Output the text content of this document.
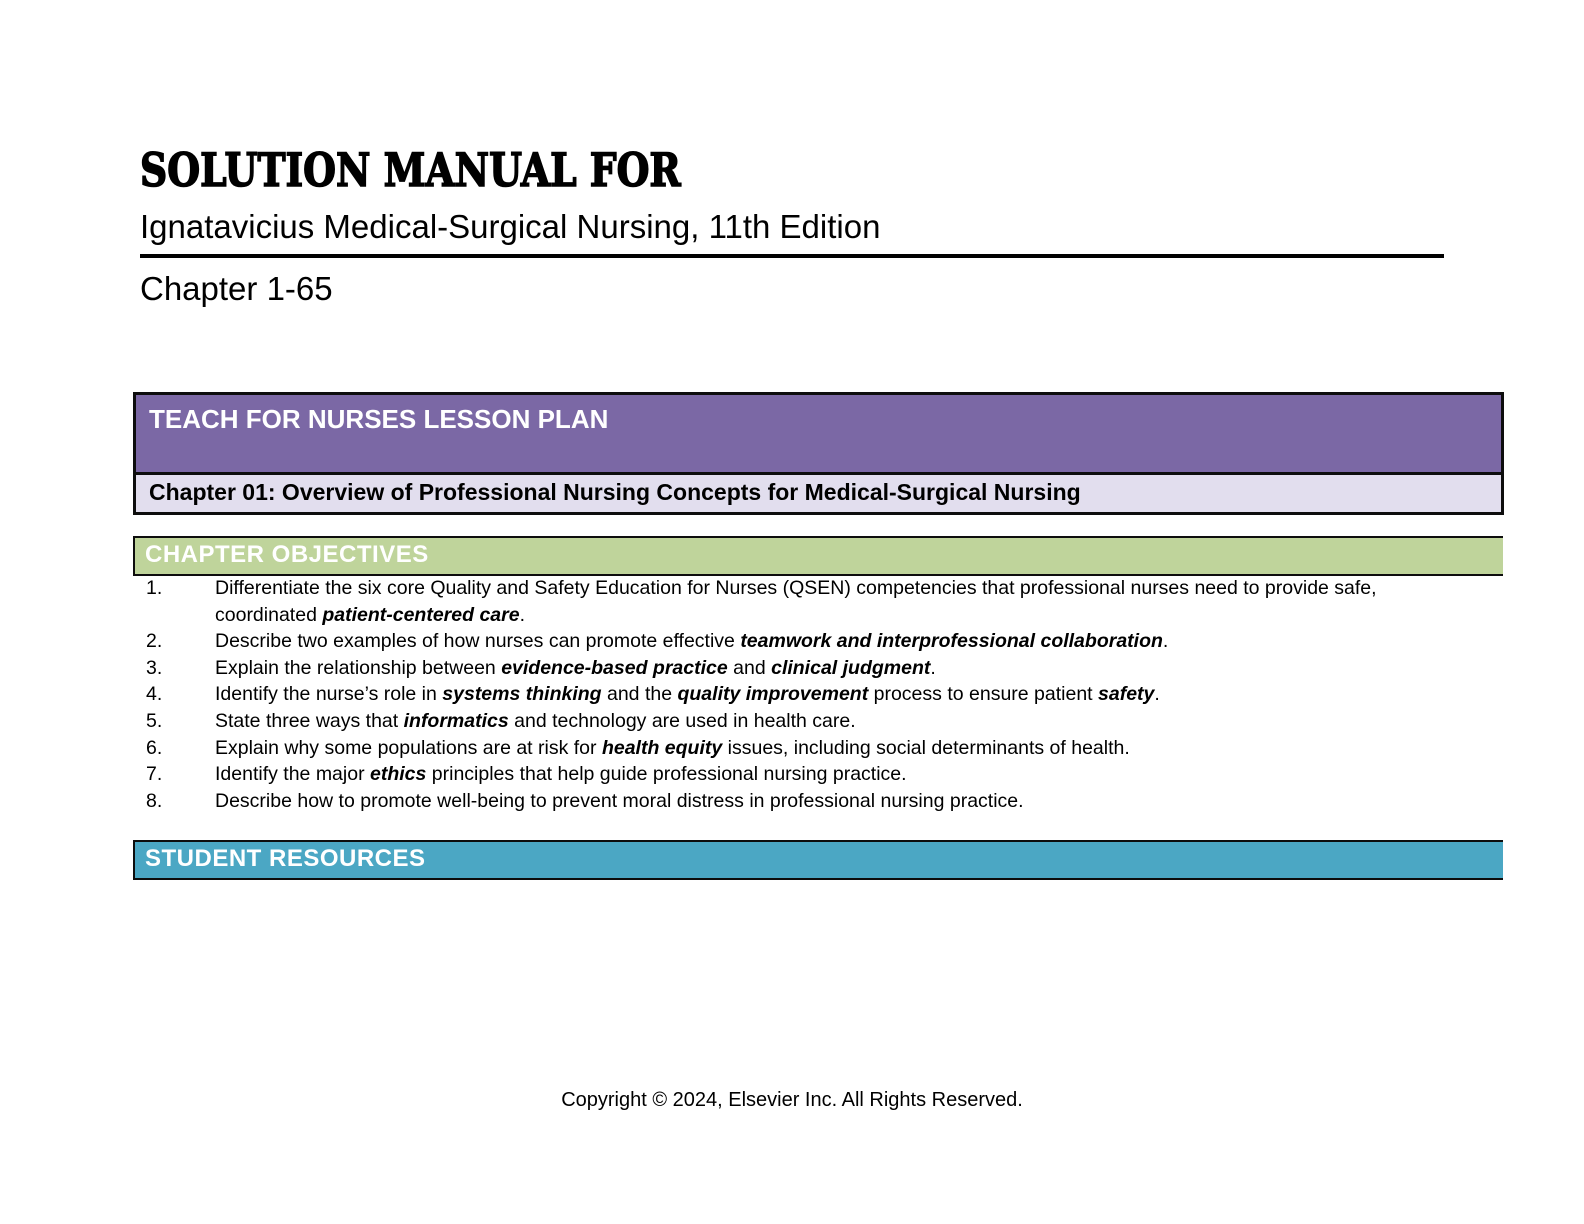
SOLUTION MANUAL FOR
Ignatavicius Medical-Surgical Nursing, 11th Edition
Chapter 1-65
TEACH FOR NURSES LESSON PLAN
Chapter 01: Overview of Professional Nursing Concepts for Medical-Surgical Nursing
CHAPTER OBJECTIVES
1.	Differentiate the six core Quality and Safety Education for Nurses (QSEN) competencies that professional nurses need to provide safe,
coordinated patient-centered care.
2.	Describe two examples of how nurses can promote effective teamwork and interprofessional collaboration.
3.	Explain the relationship between evidence-based practice and clinical judgment.
4.	Identify the nurse’s role in systems thinking and the quality improvement process to ensure patient safety.
5.	State three ways that informatics and technology are used in health care.
6.	Explain why some populations are at risk for health equity issues, including social determinants of health.
7.	Identify the major ethics principles that help guide professional nursing practice.
8.	Describe how to promote well-being to prevent moral distress in professional nursing practice.
STUDENT RESOURCES
Copyright © 2024, Elsevier Inc. All Rights Reserved.
